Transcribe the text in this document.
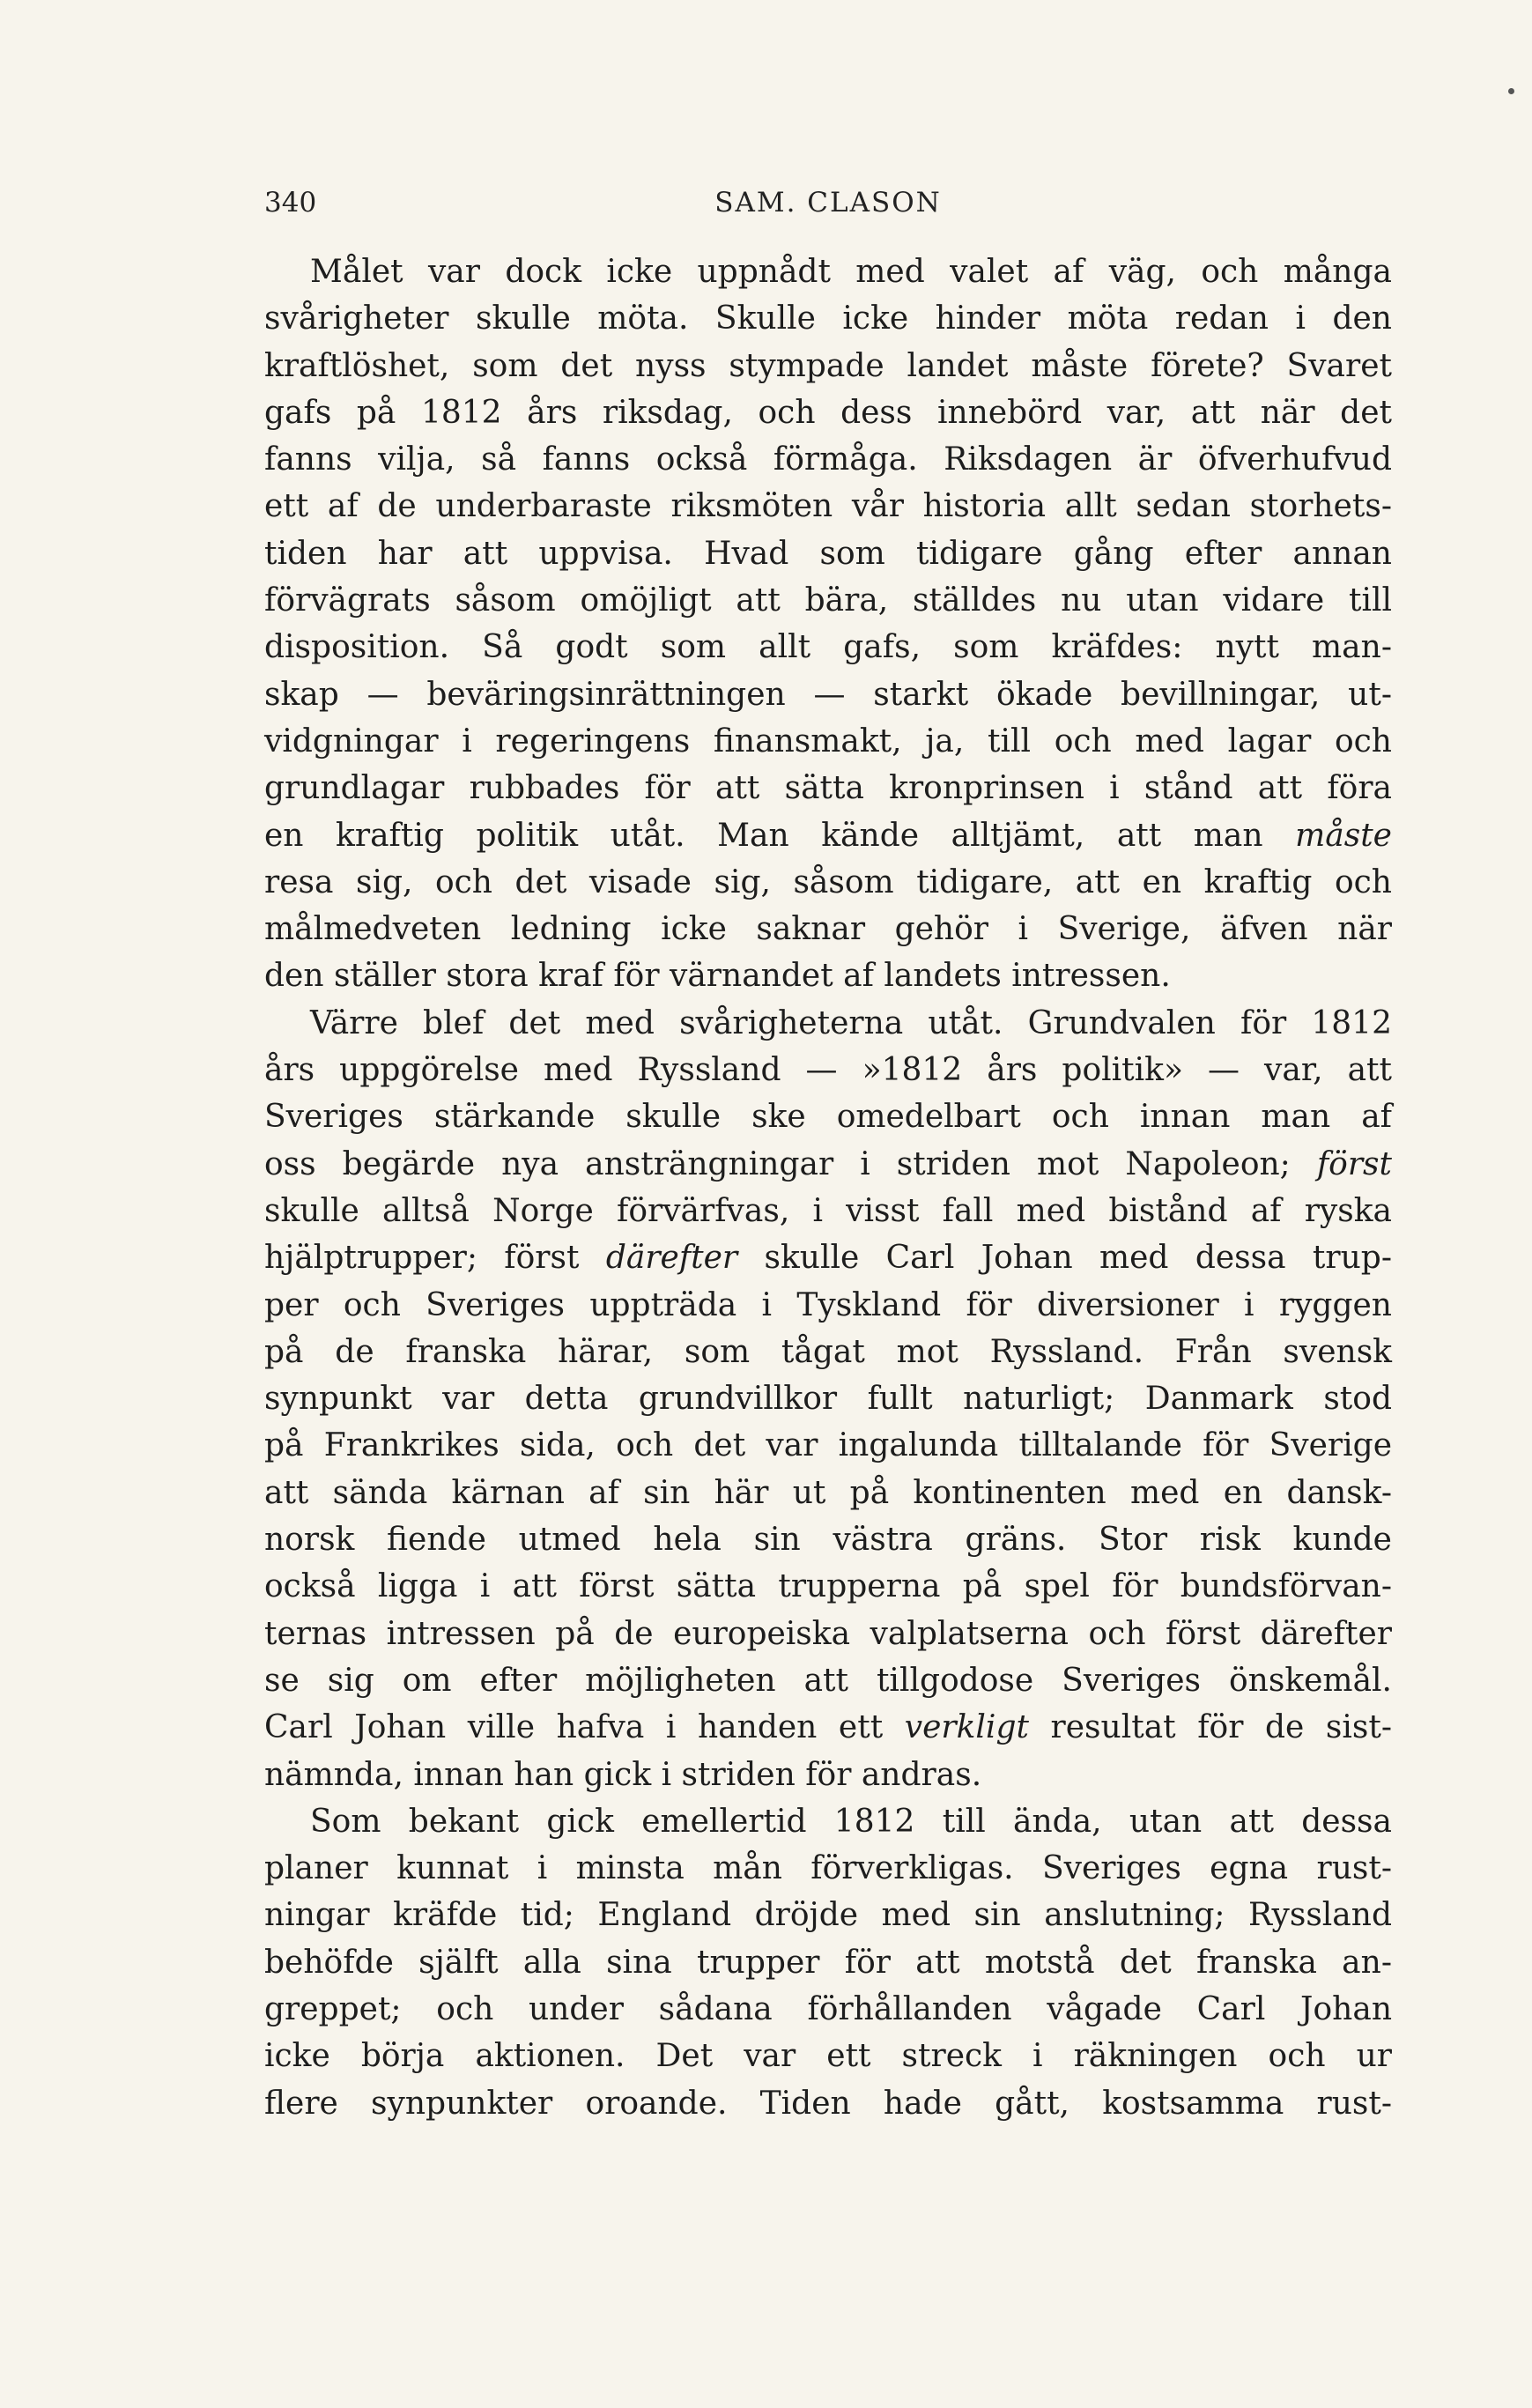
340	SAM. CLASON
Målet var dock icke uppnådt med valet af väg, och många
svårigheter skulle möta. Skulle icke hinder möta redan i den
kraftlöshet, som det nyss stympade landet måste förete? Svaret
gafs på 1812 års riksdag, och dess innebörd var, att när det
fanns vilja, så fanns också förmåga. Riksdagen är öfverhufvud
ett af de underbaraste riksmöten vår historia allt sedan storhets-
tiden har att uppvisa. Hvad som tidigare gång efter annan
förvägrats såsom omöjligt att bära, ställdes nu utan vidare till
disposition. Så godt som allt gafs, som kräfdes: nytt man-
skap — beväringsinrättningen — starkt ökade bevillningar, ut-
vidgningar i regeringens finansmakt, ja, till och med lagar och
grundlagar rubbades för att sätta kronprinsen i stånd att föra
en kraftig politik utåt. Man kände alltjämt, att man måste
resa sig, och det visade sig, såsom tidigare, att en kraftig och
målmedveten ledning icke saknar gehör i Sverige, äfven när
den ställer stora kraf för värnandet af landets intressen.
Värre blef det med svårigheterna utåt. Grundvalen för 1812
års uppgörelse med Ryssland — »1812 års politik» — var, att
Sveriges stärkande skulle ske omedelbart och innan man af
oss begärde nya ansträngningar i striden mot Napoleon; först
skulle alltså Norge förvärfvas, i visst fall med bistånd af ryska
hjälptrupper; först därefter skulle Carl Johan med dessa trup-
per och Sveriges uppträda i Tyskland för diversioner i ryggen
på de franska härar, som tågat mot Ryssland. Från svensk
synpunkt var detta grundvillkor fullt naturligt; Danmark stod
på Frankrikes sida, och det var ingalunda tilltalande för Sverige
att sända kärnan af sin här ut på kontinenten med en dansk-
norsk fiende utmed hela sin västra gräns. Stor risk kunde
också ligga i att först sätta trupperna på spel för bundsförvan-
ternas intressen på de europeiska valplatserna och först därefter
se sig om efter möjligheten att tillgodose Sveriges önskemål.
Carl Johan ville hafva i handen ett verkligt resultat för de sist-
nämnda, innan han gick i striden för andras.
Som bekant gick emellertid 1812 till ända, utan att dessa
planer kunnat i minsta mån förverkligas. Sveriges egna rust-
ningar kräfde tid; England dröjde med sin anslutning; Ryssland
behöfde själft alla sina trupper för att motstå det franska an-
greppet; och under sådana förhållanden vågade Carl Johan
icke börja aktionen. Det var ett streck i räkningen och ur
flere synpunkter oroande. Tiden hade gått, kostsamma rust-
